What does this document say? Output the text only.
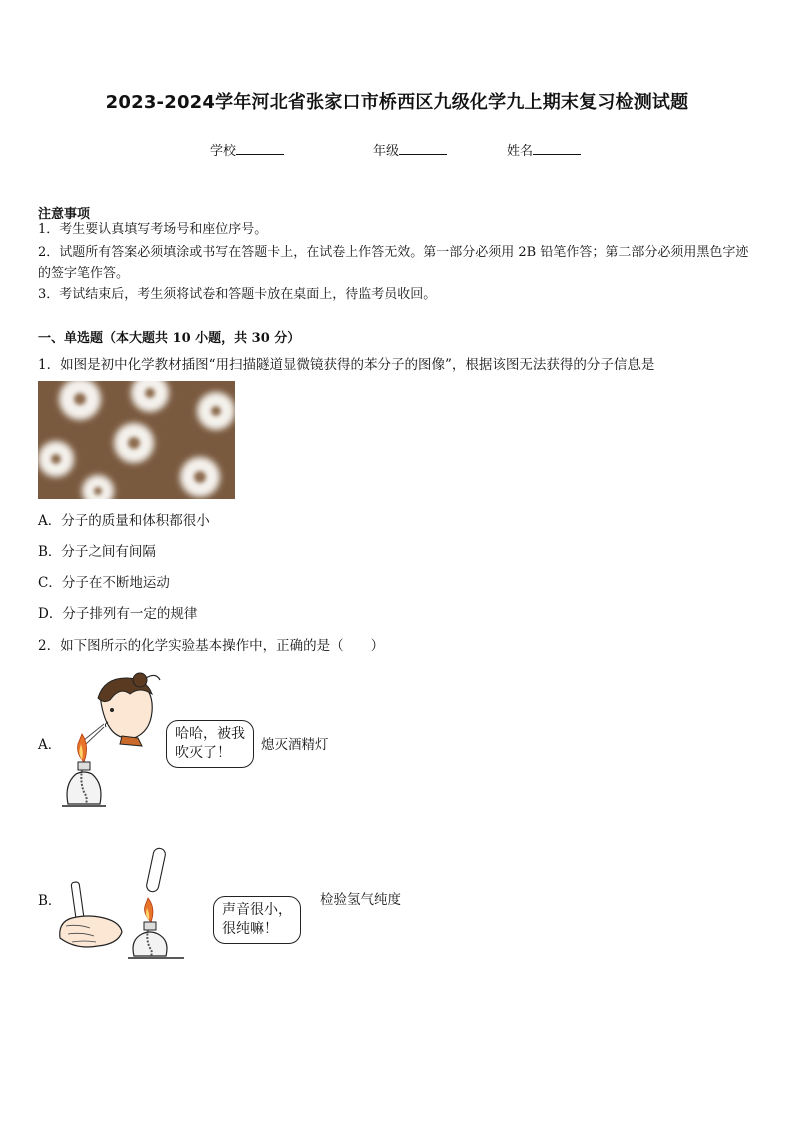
2023-2024学年河北省张家口市桥西区九级化学九上期末复习检测试题
学校	年级	姓名
注意事项
1．考生要认真填写考场号和座位序号。
2．试题所有答案必须填涂或书写在答题卡上，在试卷上作答无效。第一部分必须用 2B 铅笔作答；第二部分必须用黑色字迹的签字笔作答。
3．考试结束后，考生须将试卷和答题卡放在桌面上，待监考员收回。
一、单选题（本大题共 10 小题，共 30 分）
1．如图是初中化学教材插图“用扫描隧道显微镜获得的苯分子的图像”，根据该图无法获得的分子信息是
A．分子的质量和体积都很小
B．分子之间有间隔
C．分子在不断地运动
D．分子排列有一定的规律
2．如下图所示的化学实验基本操作中，正确的是（　　）
A．
哈哈，被我
吹灭了！	熄灭酒精灯
B．
声音很小，
很纯嘛！
检验氢气纯度
